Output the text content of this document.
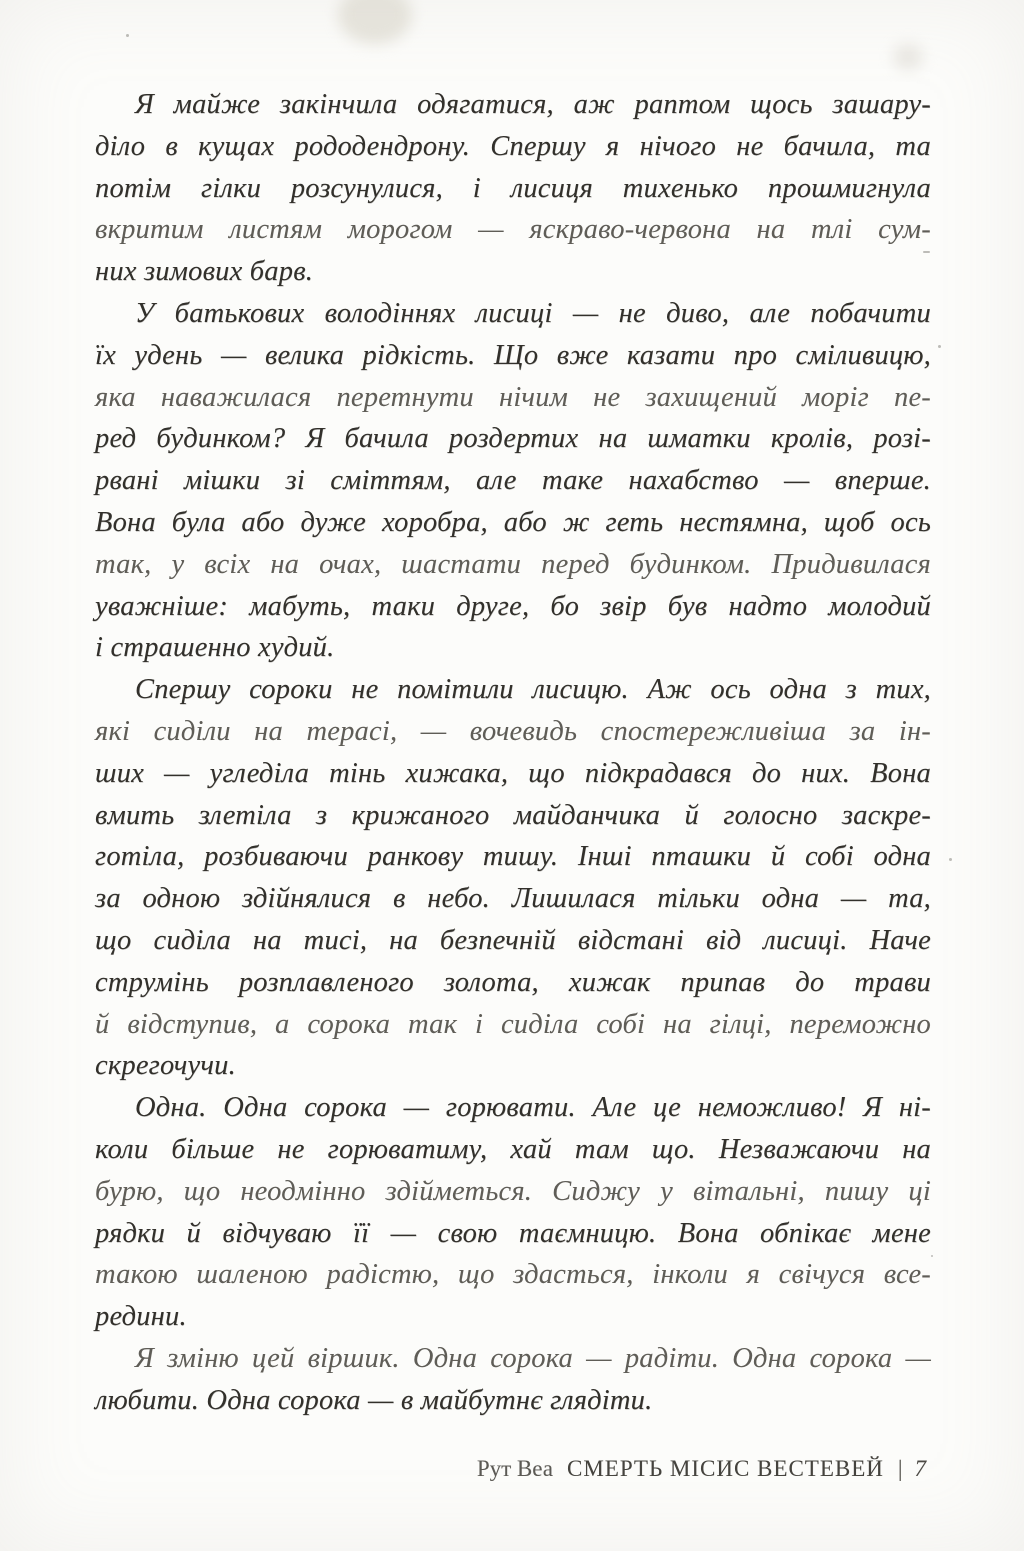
Я майже закінчила одягатися, аж раптом щось зашару-
діло в кущах рододендрону. Спершу я нічого не бачила, та
потім гілки розсунулися, і лисиця тихенько прошмигнула
вкритим листям морогом — яскраво-червона на тлі сум-
них зимових барв.
У батькових володіннях лисиці — не диво, але побачити
їх удень — велика рідкість. Що вже казати про сміливицю,
яка наважилася перетнути нічим не захищений моріг пе-
ред будинком? Я бачила роздертих на шматки кролів, розі-
рвані мішки зі сміттям, але таке нахабство — вперше.
Вона була або дуже хоробра, або ж геть нестямна, щоб ось
так, у всіх на очах, шастати перед будинком. Придивилася
уважніше: мабуть, таки друге, бо звір був надто молодий
і страшенно худий.
Спершу сороки не помітили лисицю. Аж ось одна з тих,
які сиділи на терасі, — вочевидь спостережливіша за ін-
ших — угледіла тінь хижака, що підкрадався до них. Вона
вмить злетіла з крижаного майданчика й голосно заскре-
готіла, розбиваючи ранкову тишу. Інші пташки й собі одна
за одною здійнялися в небо. Лишилася тільки одна — та,
що сиділа на тисі, на безпечній відстані від лисиці. Наче
струмінь розплавленого золота, хижак припав до трави
й відступив, а сорока так і сиділа собі на гілці, переможно
скрегочучи.
Одна. Одна сорока — горювати. Але це неможливо! Я ні-
коли більше не горюватиму, хай там що. Незважаючи на
бурю, що неодмінно здійметься. Сиджу у вітальні, пишу ці
рядки й відчуваю її — свою таємницю. Вона обпікає мене
такою шаленою радістю, що здасться, інколи я свічуся все-
редини.
Я зміню цей віршик. Одна сорока — радіти. Одна сорока —
любити. Одна сорока — в майбутнє глядіти.
Рут Веа СМЕРТЬ МІСИС ВЕСТЕВЕЙ | 7
